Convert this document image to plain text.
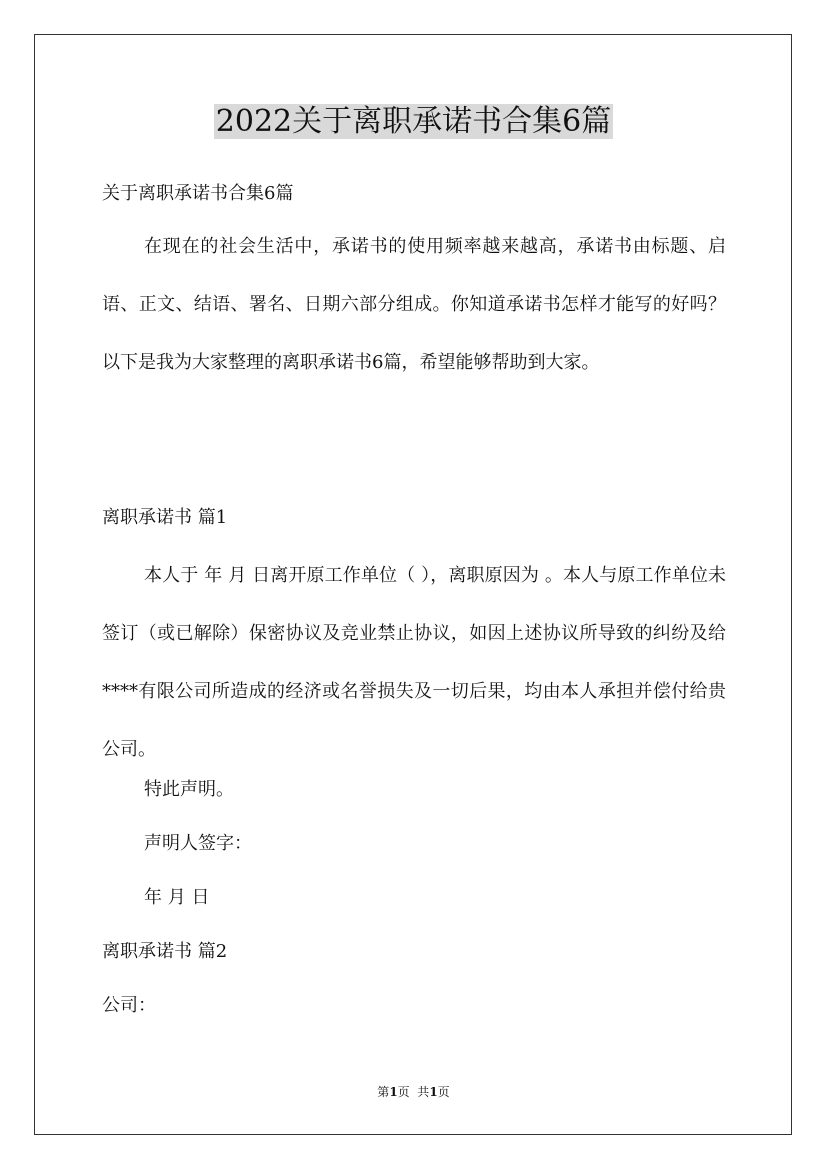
2022关于离职承诺书合集6篇
关于离职承诺书合集6篇

在现在的社会生活中，承诺书的使用频率越来越高，承诺书由标题、启语、正文、结语、署名、日期六部分组成。你知道承诺书怎样才能写的好吗？以下是我为大家整理的离职承诺书6篇，希望能够帮助到大家。

离职承诺书 篇1

本人于 年 月 日离开原工作单位（ ），离职原因为 。本人与原工作单位未签订（或已解除）保密协议及竞业禁止协议，如因上述协议所导致的纠纷及给****有限公司所造成的经济或名誉损失及一切后果，均由本人承担并偿付给贵公司。

特此声明。
声明人签字：
年 月 日
离职承诺书 篇2
公司：
第1页  共1页
